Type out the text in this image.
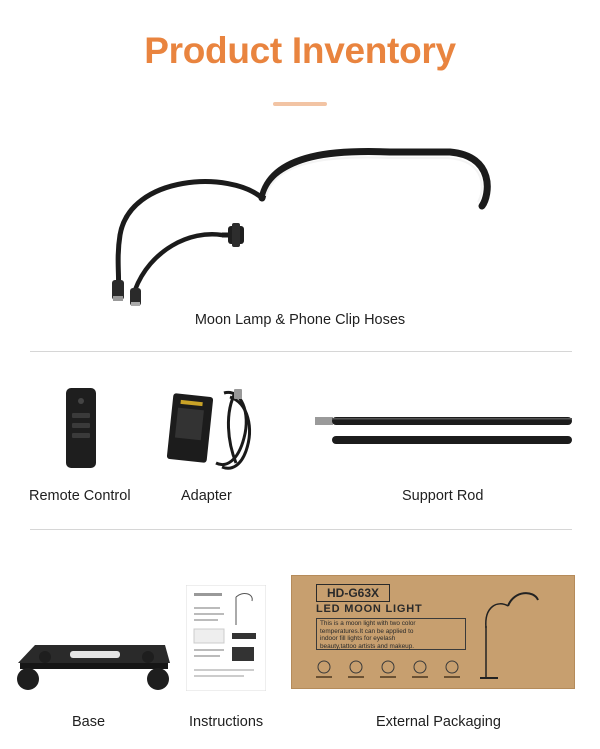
Product Inventory
Moon Lamp & Phone Clip Hoses
Remote Control	Adapter	Support Rod
Base	Instructions
HD-G63X
LED MOON LIGHT
This is a moon light with two color
temperatures.It can be applied to
indoor fill lights for eyelash
beauty,tattoo artists and makeup.
External Packaging
